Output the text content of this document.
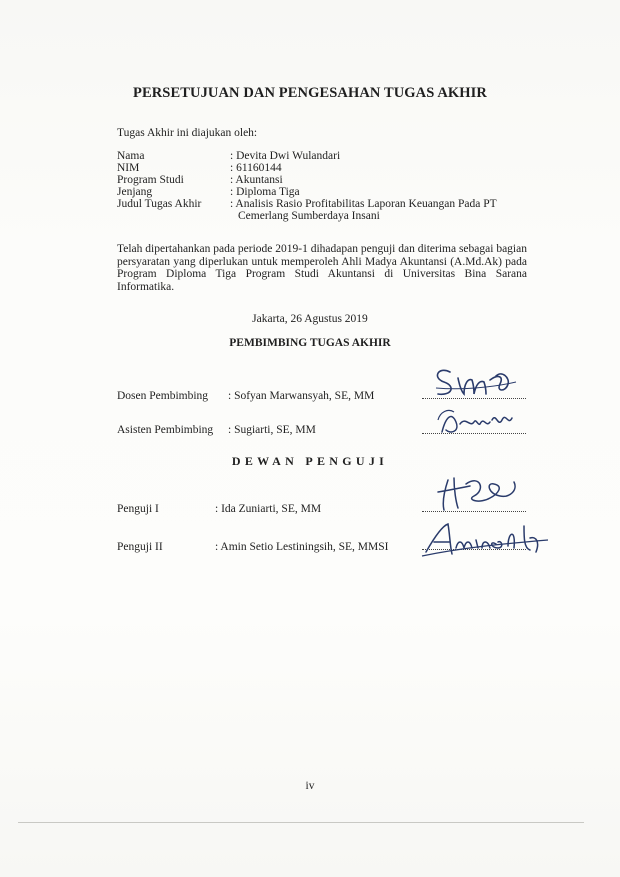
PERSETUJUAN DAN PENGESAHAN TUGAS AKHIR
Tugas Akhir ini diajukan oleh:
Nama	: Devita Dwi Wulandari
NIM	: 61160144
Program Studi	: Akuntansi
Jenjang	: Diploma Tiga
Judul Tugas Akhir : Analisis Rasio Profitabilitas Laporan Keuangan Pada PT
Cemerlang Sumberdaya Insani
Telah dipertahankan pada periode 2019-1 dihadapan penguji dan diterima sebagai bagian persyaratan yang diperlukan untuk memperoleh Ahli Madya Akuntansi (A.Md.Ak) pada Program Diploma Tiga Program Studi Akuntansi di Universitas Bina Sarana Informatika.
Jakarta, 26 Agustus 2019
PEMBIMBING TUGAS AKHIR
Dosen Pembimbing : Sofyan Marwansyah, SE, MM
Asisten Pembimbing : Sugiarti, SE, MM
DEWAN PENGUJI
Penguji I	: Ida Zuniarti, SE, MM
Penguji II	: Amin Setio Lestiningsih, SE, MMSI
iv
